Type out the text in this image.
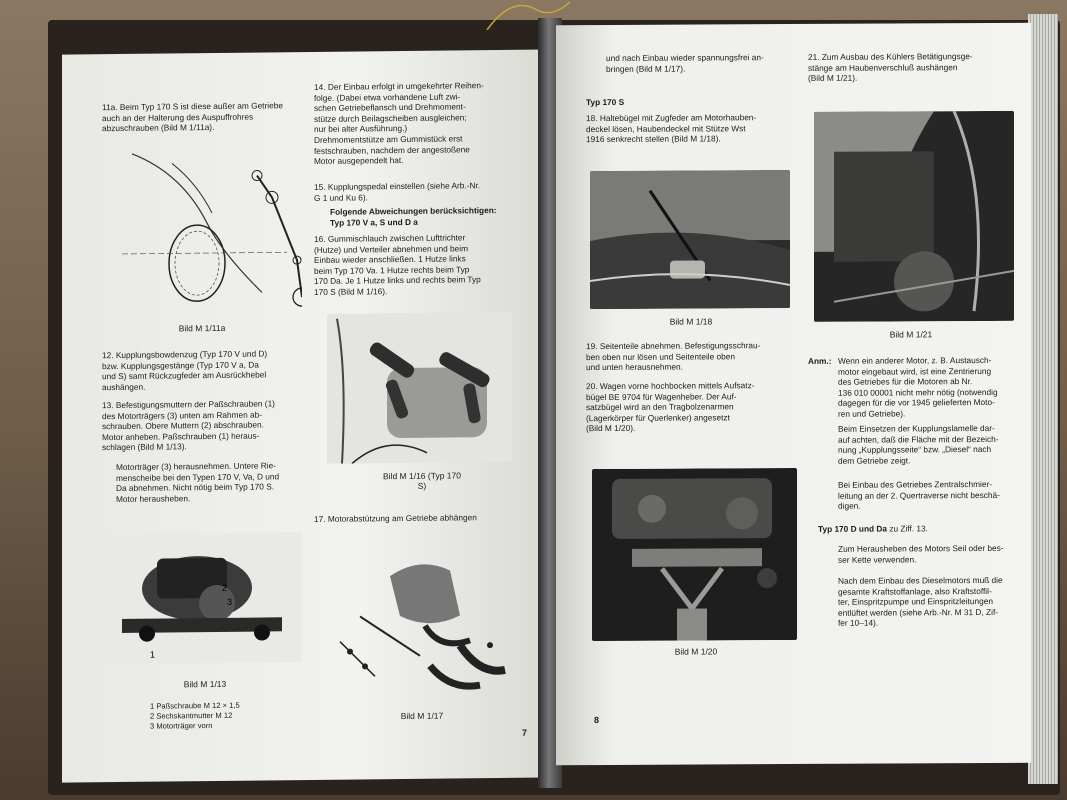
11a. Beim Typ 170 S ist diese außer am Getriebe
auch an der Halterung des Auspuffrohres
abzuschrauben (Bild M 1/11a).
Bild M 1/11a
12. Kupplungsbowdenzug (Typ 170 V und D)
bzw. Kupplungsgestänge (Typ 170 V a, Da
und S) samt Rückzugfeder am Ausrückhebel
aushängen.
13. Befestigungsmuttern der Paßschrauben (1)
des Motorträgers (3) unten am Rahmen ab-
schrauben. Obere Muttern (2) abschrauben.
Motor anheben. Paßschrauben (1) heraus-
schlagen (Bild M 1/13).
Motorträger (3) herausnehmen. Untere Rie-
menscheibe bei den Typen 170 V, Va, D und
Da abnehmen. Nicht nötig beim Typ 170 S.
Motor herausheben.
2
3
1
Bild M 1/13
1 Paßschraube M 12 × 1,5
2 Sechskantmutter M 12
3 Motorträger vorn
14. Der Einbau erfolgt in umgekehrter Reihen-
folge. (Dabei etwa vorhandene Luft zwi-
schen Getriebeflansch und Drehmoment-
stütze durch Beilagscheiben ausgleichen;
nur bei alter Ausführung.)
Drehmomentstütze am Gummistück erst
festschrauben, nachdem der angestoßene
Motor ausgependelt hat.
15. Kupplungspedal einstellen (siehe Arb.-Nr.
G 1 und Ku 6).
Folgende Abweichungen berücksichtigen:
Typ 170 V a, S und D a
16. Gummischlauch zwischen Lufttrichter
(Hutze) und Verteiler abnehmen und beim
Einbau wieder anschließen. 1 Hutze links
beim Typ 170 Va. 1 Hutze rechts beim Typ
170 Da. Je 1 Hutze links und rechts beim Typ
170 S (Bild M 1/16).
Bild M 1/16 (Typ 170 S)
17. Motorabstützung am Getriebe abhängen
Bild M 1/17
7
und nach Einbau wieder spannungsfrei an-
bringen (Bild M 1/17).
Typ 170 S
18. Haltebügel mit Zugfeder am Motorhauben-
deckel lösen, Haubendeckel mit Stütze Wst
1916 senkrecht stellen (Bild M 1/18).
Bild M 1/18
19. Seitenteile abnehmen. Befestigungsschrau-
ben oben nur lösen und Seitenteile oben
und unten herausnehmen.
20. Wagen vorne hochbocken mittels Aufsatz-
bügel BE 9704 für Wagenheber. Der Auf-
satzbügel wird an den Tragbolzenarmen
(Lagerkörper für Querlenker) angesetzt
(Bild M 1/20).
Bild M 1/20
21. Zum Ausbau des Kühlers Betätigungsge-
stänge am Haubenverschluß aushängen
(Bild M 1/21).
Bild M 1/21
Anm.: Wenn ein anderer Motor, z. B. Austausch-
motor eingebaut wird, ist eine Zentrierung
des Getriebes für die Motoren ab Nr.
136 010 00001 nicht mehr nötig (notwendig
dagegen für die vor 1945 gelieferten Moto-
ren und Getriebe).
Beim Einsetzen der Kupplungslamelle dar-
auf achten, daß die Fläche mit der Bezeich-
nung „Kupplungsseite“ bzw. „Diesel“ nach
dem Getriebe zeigt.
Bei Einbau des Getriebes Zentralschmier-
leitung an der 2. Quertraverse nicht beschä-
digen.
Typ 170 D und Da zu Ziff. 13.
Zum Herausheben des Motors Seil oder bes-
ser Kette verwenden.
Nach dem Einbau des Dieselmotors muß die
gesamte Kraftstoffanlage, also Kraftstoffil-
ter, Einspritzpumpe und Einspritzleitungen
entlüftet werden (siehe Arb.-Nr. M 31 D, Zif-
fer 10–14).
8
